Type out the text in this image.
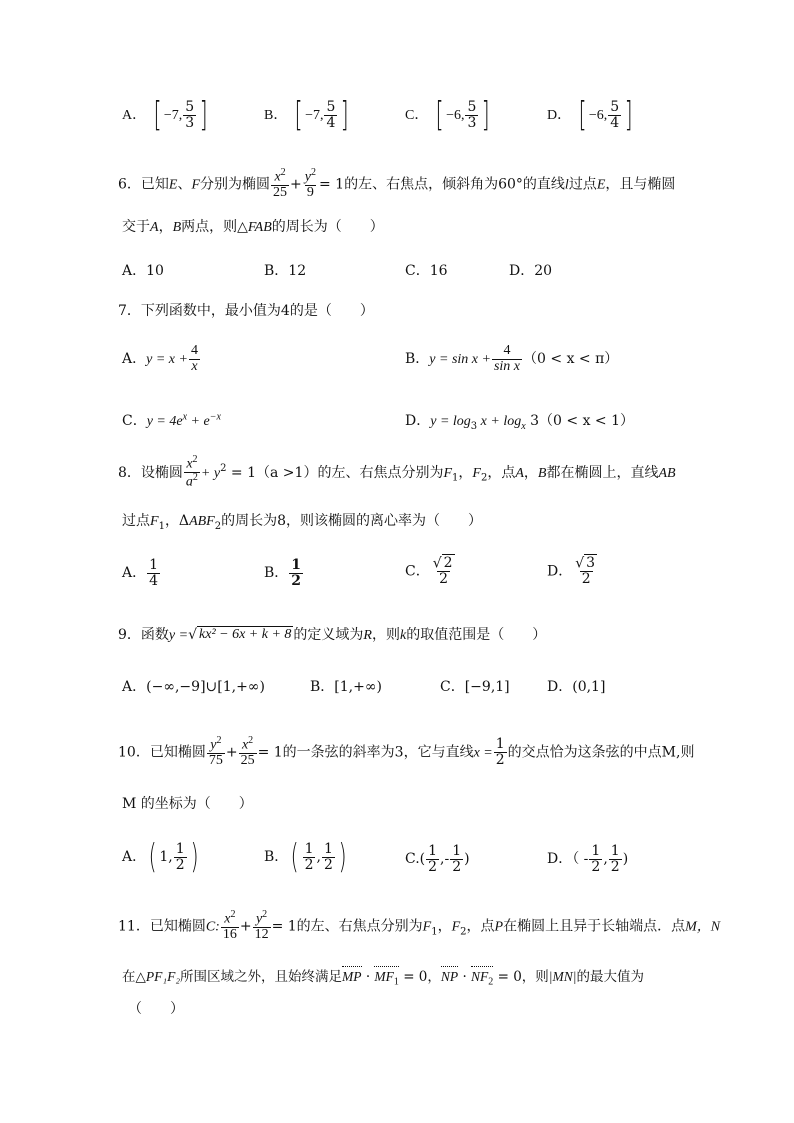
A． [ −7, $\frac{5}{3}$ ]	B． [ −7, $\frac{5}{4}$ ]	C． [ −6, $\frac{5}{3}$ ]	D． [ −6, $\frac{5}{4}$ ]
6．已知E、F分别为椭圆 $\frac{x^2}{25} + \frac{y^2}{9} = 1$的左、右焦点，倾斜角为60°的直线l过点E，且与椭圆
交于A，B两点，则△FAB的周长为（　　）
A．10	B．12	C．16	D．20
7．下列函数中，最小值为4的是（　　）
A．$y = x + \frac{4}{x}$	B．$y = \sin x + \frac{4}{\text{sin x}} (0 < x < \pi)$
C．$y = 4e^x + e^{-x}$	D．$y = \log_3 x + \log_x 3(0 < x < 1)$
8．设椭圆 $\frac{x^2}{a^2} + y^2 = 1(a >1)$的左、右焦点分别为$F_1$，$F_2$，点A，B都在椭圆上，直线AB
过点$F_1$，$\Delta ABF_2$的周长为8，则该椭圆的离心率为（　　）
A． $\frac{1}{4}$	B． $\frac{1}{2}$	C． $\frac{√ 2}{2}$	D． $\frac{√ 3}{2}$
9．函数y =√ kx² − 6x + k + 8 的定义域为R，则k的取值范围是（　　）
A．(−∞,−9]∪[1,+∞)	B．[1,+∞)	C．[−9,1]	D．(0,1]
10．已知椭圆 $\frac{y^2}{75} + \frac{x^2}{25} = 1$的一条弦的斜率为3，它与直线$x = \frac{1}{2}$ 的交点恰为这条弦的中点M,则
M 的坐标为（　　）
A．( 1, $\frac{1}{2}$ )	B．( $\frac{1}{2}$ , $\frac{1}{2}$ )	$C.( \frac{1}{2}$ ,- $\frac{1}{2}$ )	D．（ - $\frac{1}{2}$ , $\frac{1}{2}$ )
11．已知椭圆C: $\frac{x^2}{16} + \frac{y^2}{12} = 1$的左、右焦点分别为$F_1$，$F_2$，点P在椭圆上且异于长轴端点．点M，N
在△PF₁F₂所围区域之外，且始终满足MP · $MF_1 = 0$，NP · $NF_2 = 0$，则|MN|的最大值为
（　　）
